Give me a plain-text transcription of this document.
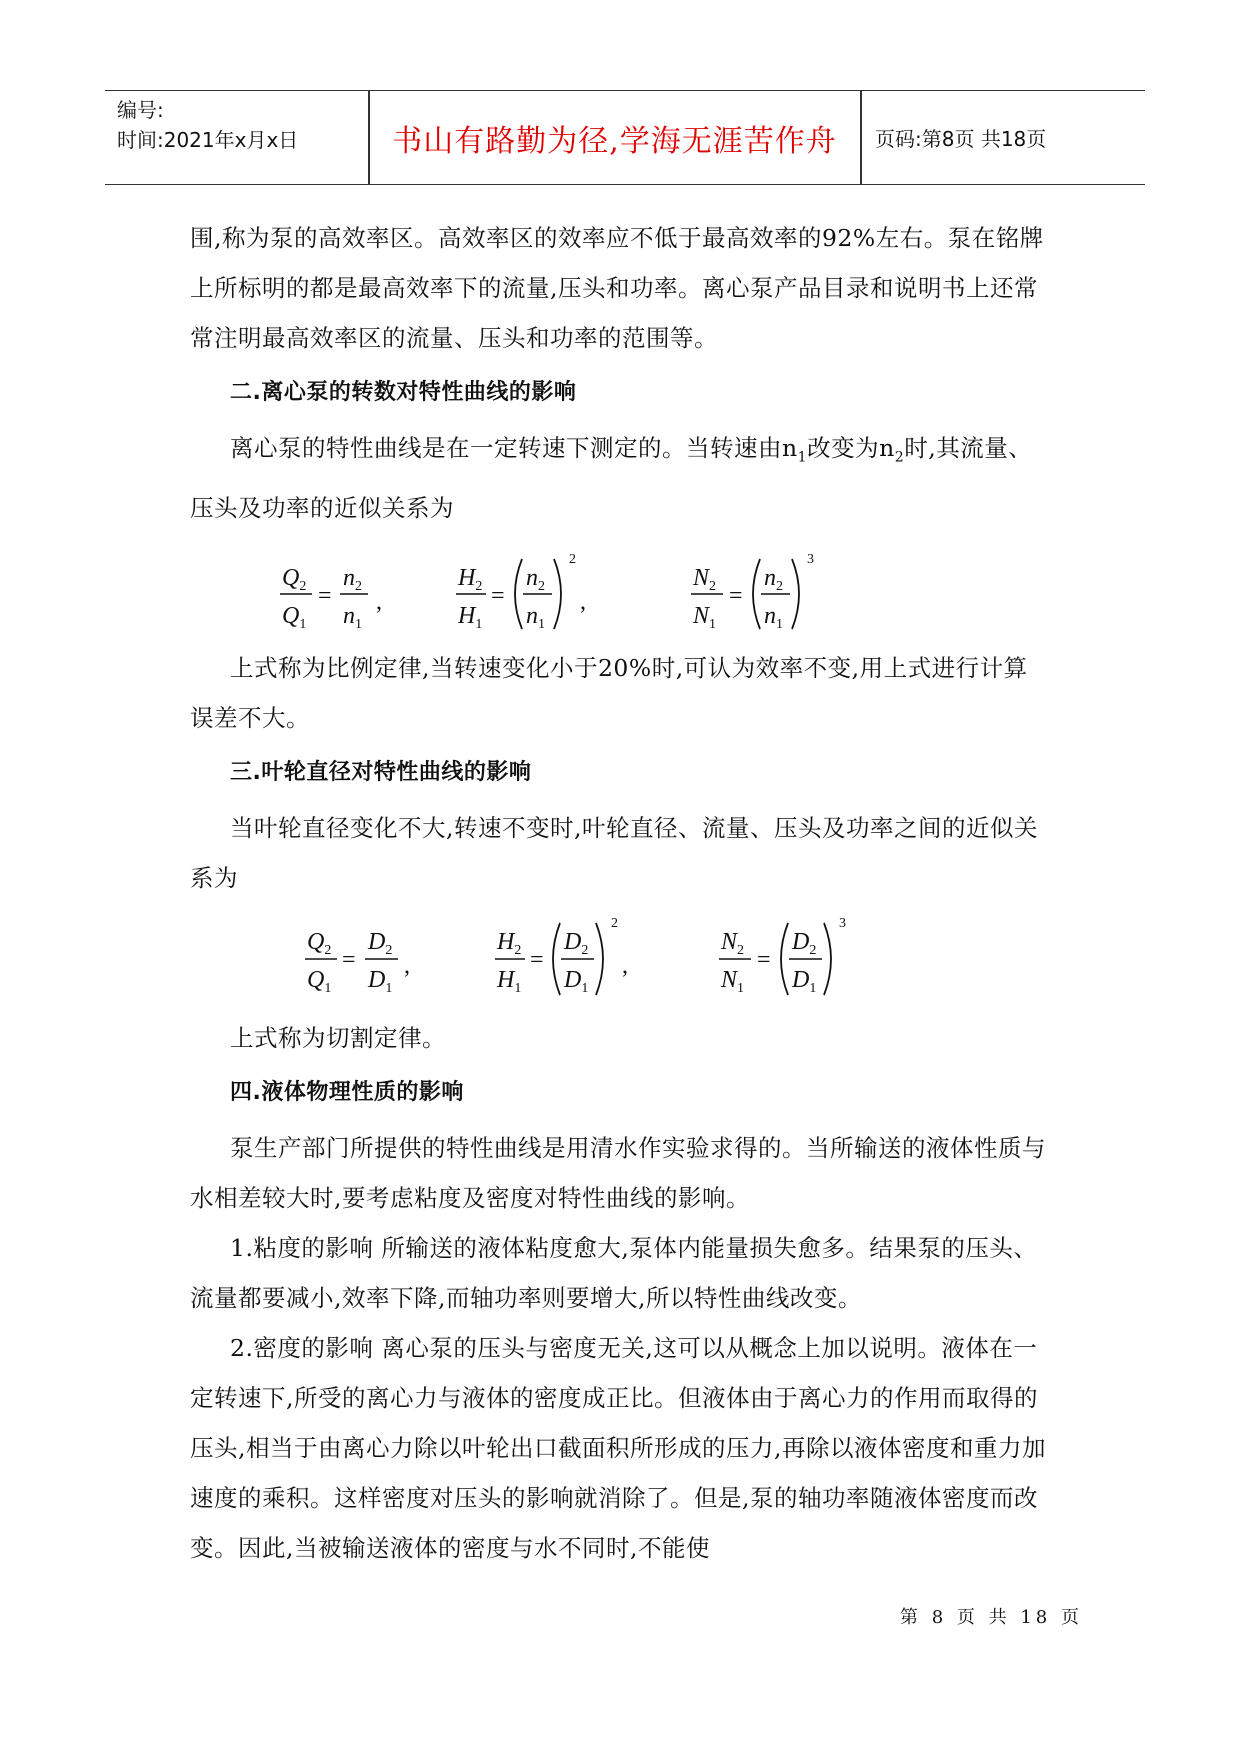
编号:
时间:2021年x月x日	书山有路勤为径,学海无涯苦作舟	页码:第8页 共18页

围,称为泵的高效率区。高效率区的效率应不低于最高效率的92%左右。泵在铭牌上所标明的都是最高效率下的流量,压头和功率。离心泵产品目录和说明书上还常常注明最高效率区的流量、压头和功率的范围等。

二.离心泵的转数对特性曲线的影响

离心泵的特性曲线是在一定转速下测定的。当转速由$n_1$改变为$n_2$时,其流量、压头及功率的近似关系为

$Q_2$
$Q_1$
=
$n_2$
$n_1$
,
$H_2$
$H_1$
=
$n_2$
$n_1$
2
,
$N_2$
$N_1$
=
$n_2$
$n_1$
3

上式称为比例定律,当转速变化小于20%时,可认为效率不变,用上式进行计算误差不大。

三.叶轮直径对特性曲线的影响

当叶轮直径变化不大,转速不变时,叶轮直径、流量、压头及功率之间的近似关系为

$Q_2$
$Q_1$
=
$D_2$
$D_1$
,
$H_2$
$H_1$
=
$D_2$
$D_1$
2
,
$N_2$
$N_1$
=
$D_2$
$D_1$
3

上式称为切割定律。

四.液体物理性质的影响

泵生产部门所提供的特性曲线是用清水作实验求得的。当所输送的液体性质与水相差较大时,要考虑粘度及密度对特性曲线的影响。

1.粘度的影响 所输送的液体粘度愈大,泵体内能量损失愈多。结果泵的压头、流量都要减小,效率下降,而轴功率则要增大,所以特性曲线改变。

2.密度的影响 离心泵的压头与密度无关,这可以从概念上加以说明。液体在一定转速下,所受的离心力与液体的密度成正比。但液体由于离心力的作用而取得的压头,相当于由离心力除以叶轮出口截面积所形成的压力,再除以液体密度和重力加速度的乘积。这样密度对压头的影响就消除了。但是,泵的轴功率随液体密度而改变。因此,当被输送液体的密度与水不同时,不能使

第 8 页 共 18 页
